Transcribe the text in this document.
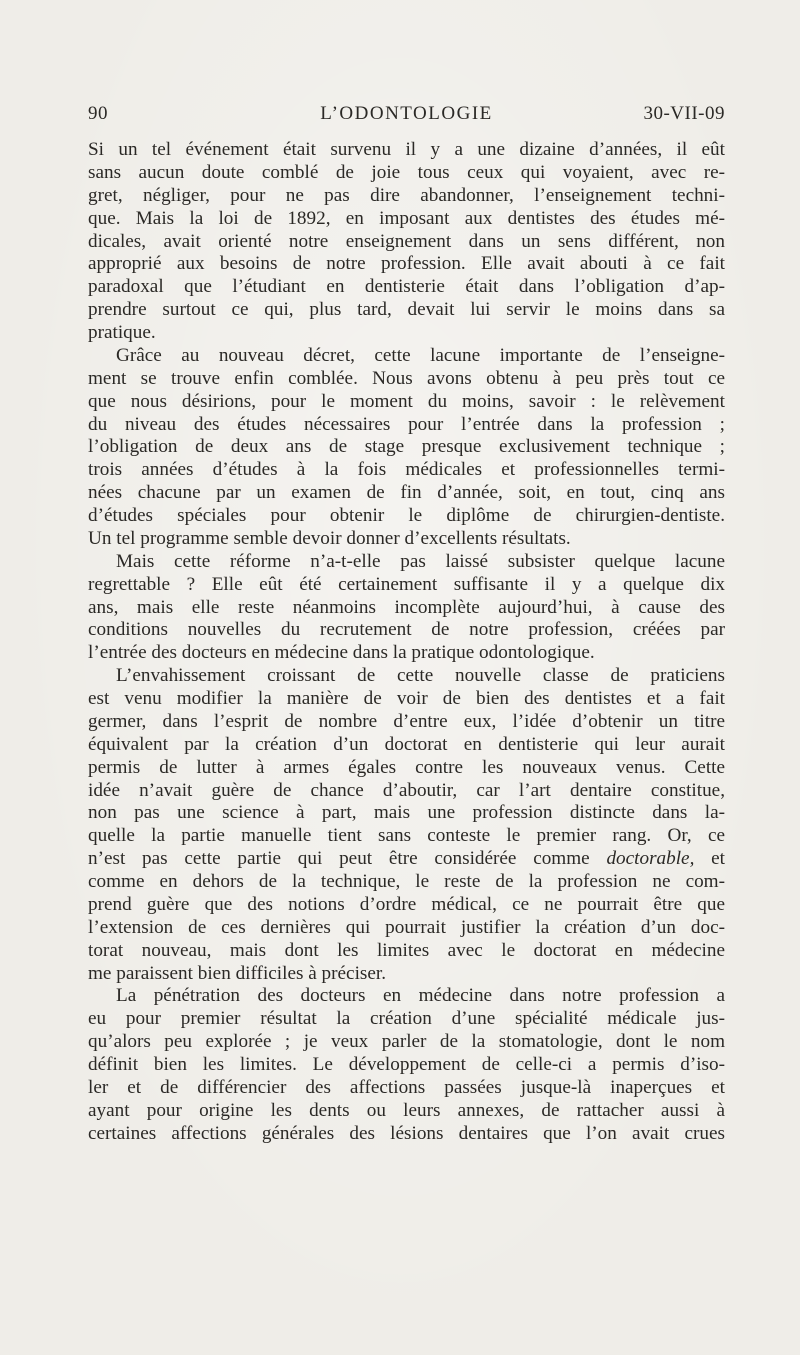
90	L’ODONTOLOGIE	30-VII-09
Si un tel événement était survenu il y a une dizaine d’années, il eût
sans aucun doute comblé de joie tous ceux qui voyaient, avec re-
gret, négliger, pour ne pas dire abandonner, l’enseignement techni-
que. Mais la loi de 1892, en imposant aux dentistes des études mé-
dicales, avait orienté notre enseignement dans un sens différent, non
approprié aux besoins de notre profession. Elle avait abouti à ce fait
paradoxal que l’étudiant en dentisterie était dans l’obligation d’ap-
prendre surtout ce qui, plus tard, devait lui servir le moins dans sa
pratique.
Grâce au nouveau décret, cette lacune importante de l’enseigne-
ment se trouve enfin comblée. Nous avons obtenu à peu près tout ce
que nous désirions, pour le moment du moins, savoir : le relèvement
du niveau des études nécessaires pour l’entrée dans la profession ;
l’obligation de deux ans de stage presque exclusivement technique ;
trois années d’études à la fois médicales et professionnelles termi-
nées chacune par un examen de fin d’année, soit, en tout, cinq ans
d’études spéciales pour obtenir le diplôme de chirurgien-dentiste.
Un tel programme semble devoir donner d’excellents résultats.
Mais cette réforme n’a-t-elle pas laissé subsister quelque lacune
regrettable ? Elle eût été certainement suffisante il y a quelque dix
ans, mais elle reste néanmoins incomplète aujourd’hui, à cause des
conditions nouvelles du recrutement de notre profession, créées par
l’entrée des docteurs en médecine dans la pratique odontologique.
L’envahissement croissant de cette nouvelle classe de praticiens
est venu modifier la manière de voir de bien des dentistes et a fait
germer, dans l’esprit de nombre d’entre eux, l’idée d’obtenir un titre
équivalent par la création d’un doctorat en dentisterie qui leur aurait
permis de lutter à armes égales contre les nouveaux venus. Cette
idée n’avait guère de chance d’aboutir, car l’art dentaire constitue,
non pas une science à part, mais une profession distincte dans la-
quelle la partie manuelle tient sans conteste le premier rang. Or, ce
n’est pas cette partie qui peut être considérée comme doctorable, et
comme en dehors de la technique, le reste de la profession ne com-
prend guère que des notions d’ordre médical, ce ne pourrait être que
l’extension de ces dernières qui pourrait justifier la création d’un doc-
torat nouveau, mais dont les limites avec le doctorat en médecine
me paraissent bien difficiles à préciser.
La pénétration des docteurs en médecine dans notre profession a
eu pour premier résultat la création d’une spécialité médicale jus-
qu’alors peu explorée ; je veux parler de la stomatologie, dont le nom
définit bien les limites. Le développement de celle-ci a permis d’iso-
ler et de différencier des affections passées jusque-là inaperçues et
ayant pour origine les dents ou leurs annexes, de rattacher aussi à
certaines affections générales des lésions dentaires que l’on avait crues
